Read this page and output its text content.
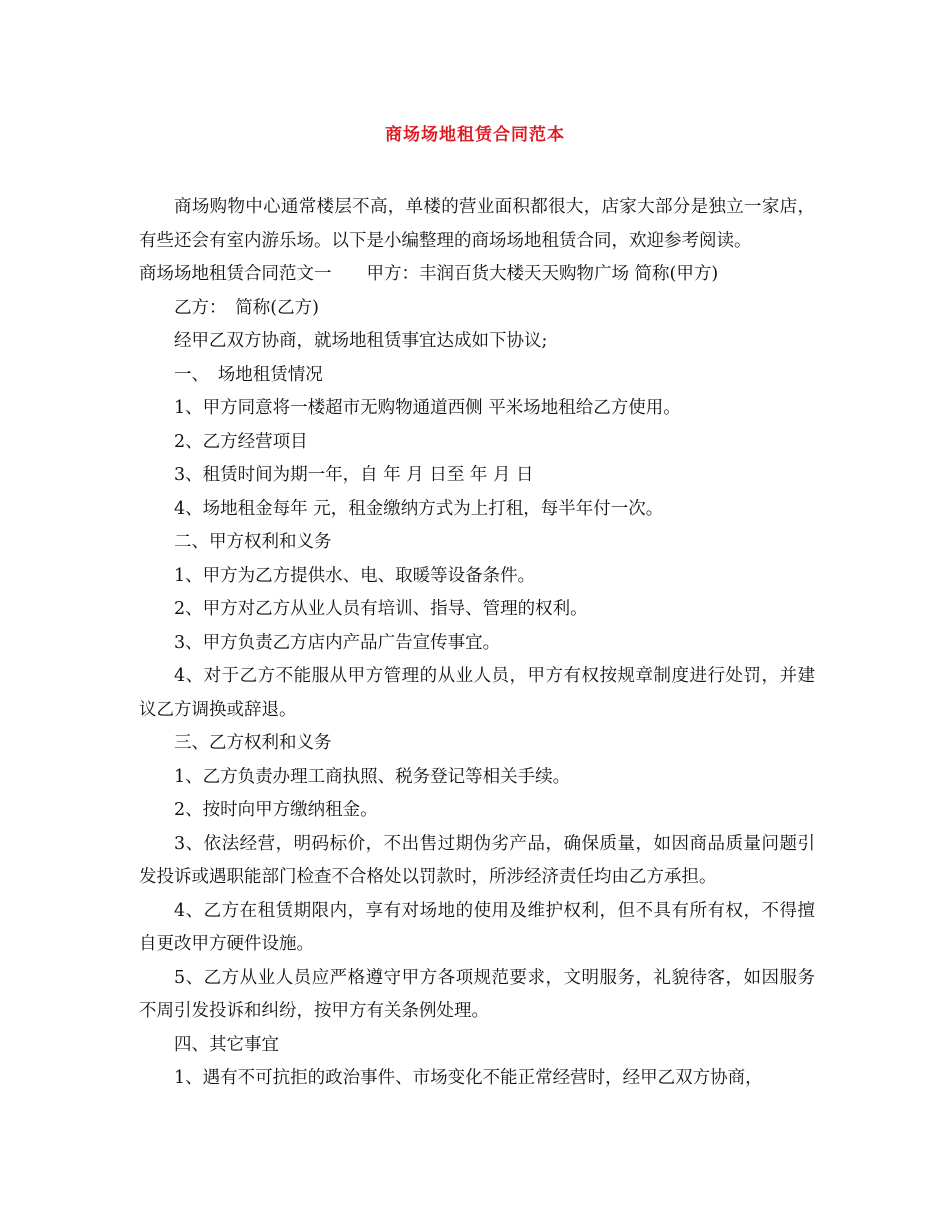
商场场地租赁合同范本

商场购物中心通常楼层不高，单楼的营业面积都很大，店家大部分是独立一家店，有些还会有室内游乐场。以下是小编整理的商场场地租赁合同，欢迎参考阅读。

商场场地租赁合同范文一　　甲方：丰润百货大楼天天购物广场 简称(甲方)

乙方：　简称(乙方)

经甲乙双方协商，就场地租赁事宜达成如下协议;

一、　场地租赁情况

1、甲方同意将一楼超市无购物通道西侧 平米场地租给乙方使用。

2、乙方经营项目

3、租赁时间为期一年，自 年 月 日至 年 月 日

4、场地租金每年 元，租金缴纳方式为上打租，每半年付一次。

二、甲方权利和义务

1、甲方为乙方提供水、电、取暖等设备条件。

2、甲方对乙方从业人员有培训、指导、管理的权利。

3、甲方负责乙方店内产品广告宣传事宜。

4、对于乙方不能服从甲方管理的从业人员，甲方有权按规章制度进行处罚，并建议乙方调换或辞退。

三、乙方权利和义务

1、乙方负责办理工商执照、税务登记等相关手续。

2、按时向甲方缴纳租金。

3、依法经营，明码标价，不出售过期伪劣产品，确保质量，如因商品质量问题引发投诉或遇职能部门检查不合格处以罚款时，所涉经济责任均由乙方承担。

4、乙方在租赁期限内，享有对场地的使用及维护权利，但不具有所有权，不得擅自更改甲方硬件设施。

5、乙方从业人员应严格遵守甲方各项规范要求，文明服务，礼貌待客，如因服务不周引发投诉和纠纷，按甲方有关条例处理。

四、其它事宜

1、遇有不可抗拒的政治事件、市场变化不能正常经营时，经甲乙双方协商，
